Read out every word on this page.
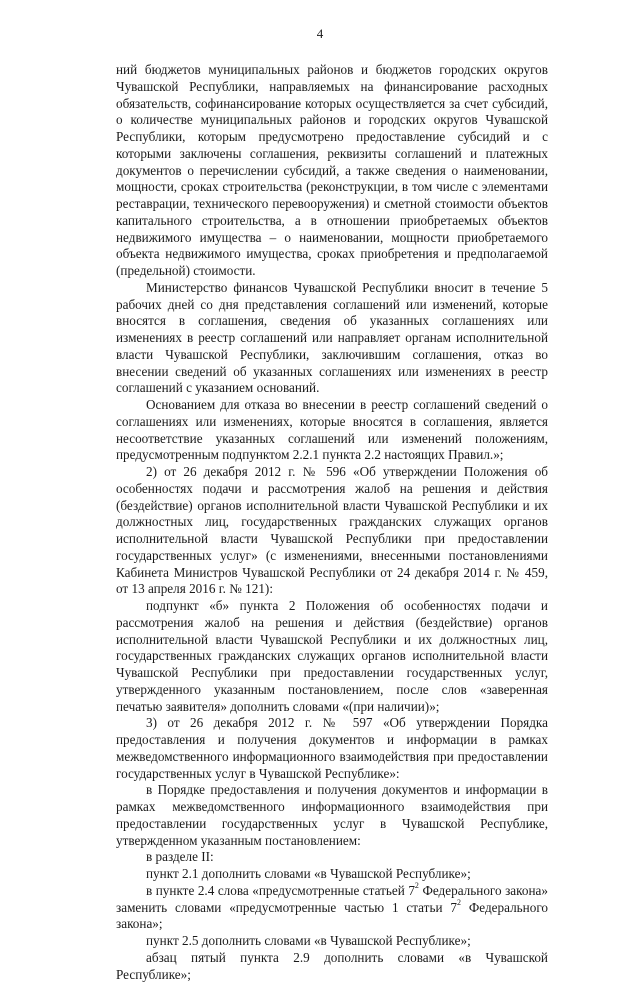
4

ний бюджетов муниципальных районов и бюджетов городских округов Чувашской Республики, направляемых на финансирование расходных обязательств, софинансирование которых осуществляется за счет субсидий, о количестве муниципальных районов и городских округов Чувашской Республики, которым предусмотрено предоставление субсидий и с которыми заключены соглашения, реквизиты соглашений и платежных документов о перечислении субсидий, а также сведения о наименовании, мощности, сроках строительства (реконструкции, в том числе с элементами реставрации, технического перевооружения) и сметной стоимости объектов капитального строительства, а в отношении приобретаемых объектов недвижимого имущества – о наименовании, мощности приобретаемого объекта недвижимого имущества, сроках приобретения и предполагаемой (предельной) стоимости.

Министерство финансов Чувашской Республики вносит в течение 5 рабочих дней со дня представления соглашений или изменений, которые вносятся в соглашения, сведения об указанных соглашениях или изменениях в реестр соглашений или направляет органам исполнительной власти Чувашской Республики, заключившим соглашения, отказ во внесении сведений об указанных соглашениях или изменениях в реестр соглашений с указанием оснований.

Основанием для отказа во внесении в реестр соглашений сведений о соглашениях или изменениях, которые вносятся в соглашения, является несоответствие указанных соглашений или изменений положениям, предусмотренным подпунктом 2.2.1 пункта 2.2 настоящих Правил.»;

2) от 26 декабря 2012 г. № 596 «Об утверждении Положения об особенностях подачи и рассмотрения жалоб на решения и действия (бездействие) органов исполнительной власти Чувашской Республики и их должностных лиц, государственных гражданских служащих органов исполнительной власти Чувашской Республики при предоставлении государственных услуг» (с изменениями, внесенными постановлениями Кабинета Министров Чувашской Республики от 24 декабря 2014 г. № 459, от 13 апреля 2016 г. № 121):

подпункт «б» пункта 2 Положения об особенностях подачи и рассмотрения жалоб на решения и действия (бездействие) органов исполнительной власти Чувашской Республики и их должностных лиц, государственных гражданских служащих органов исполнительной власти Чувашской Республики при предоставлении государственных услуг, утвержденного указанным постановлением, после слов «заверенная печатью заявителя» дополнить словами «(при наличии)»;

3) от 26 декабря 2012 г. № 597 «Об утверждении Порядка предоставления и получения документов и информации в рамках межведомственного информационного взаимодействия при предоставлении государственных услуг в Чувашской Республике»:

в Порядке предоставления и получения документов и информации в рамках межведомственного информационного взаимодействия при предоставлении государственных услуг в Чувашской Республике, утвержденном указанным постановлением:

в разделе II:

пункт 2.1 дополнить словами «в Чувашской Республике»;

в пункте 2.4 слова «предусмотренные статьей $7^2$ Федерального закона» заменить словами «предусмотренные частью 1 статьи $7^2$ Федерального закона»;

пункт 2.5 дополнить словами «в Чувашской Республике»;

абзац пятый пункта 2.9 дополнить словами «в Чувашской Республике»;
